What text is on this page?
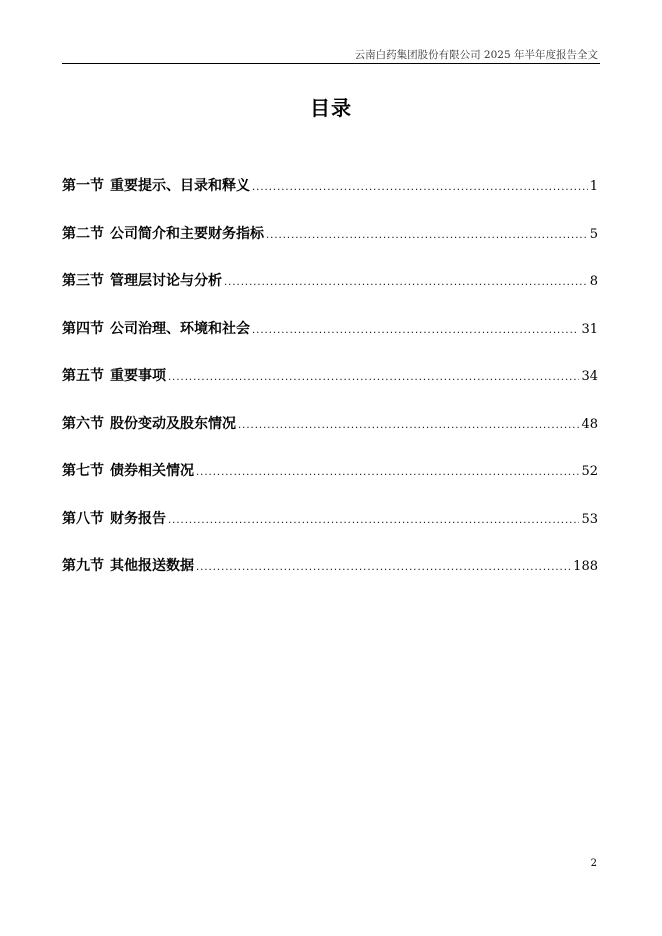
云南白药集团股份有限公司 2025 年半年度报告全文
目录
第一节 重要提示、目录和释义 .....	1
第二节 公司简介和主要财务指标 .....	5
第三节 管理层讨论与分析 .....	8
第四节 公司治理、环境和社会 .....	31
第五节 重要事项 .....	34
第六节 股份变动及股东情况 .....	48
第七节 债券相关情况 .....	52
第八节 财务报告 .....	53
第九节 其他报送数据 .....	188
2
